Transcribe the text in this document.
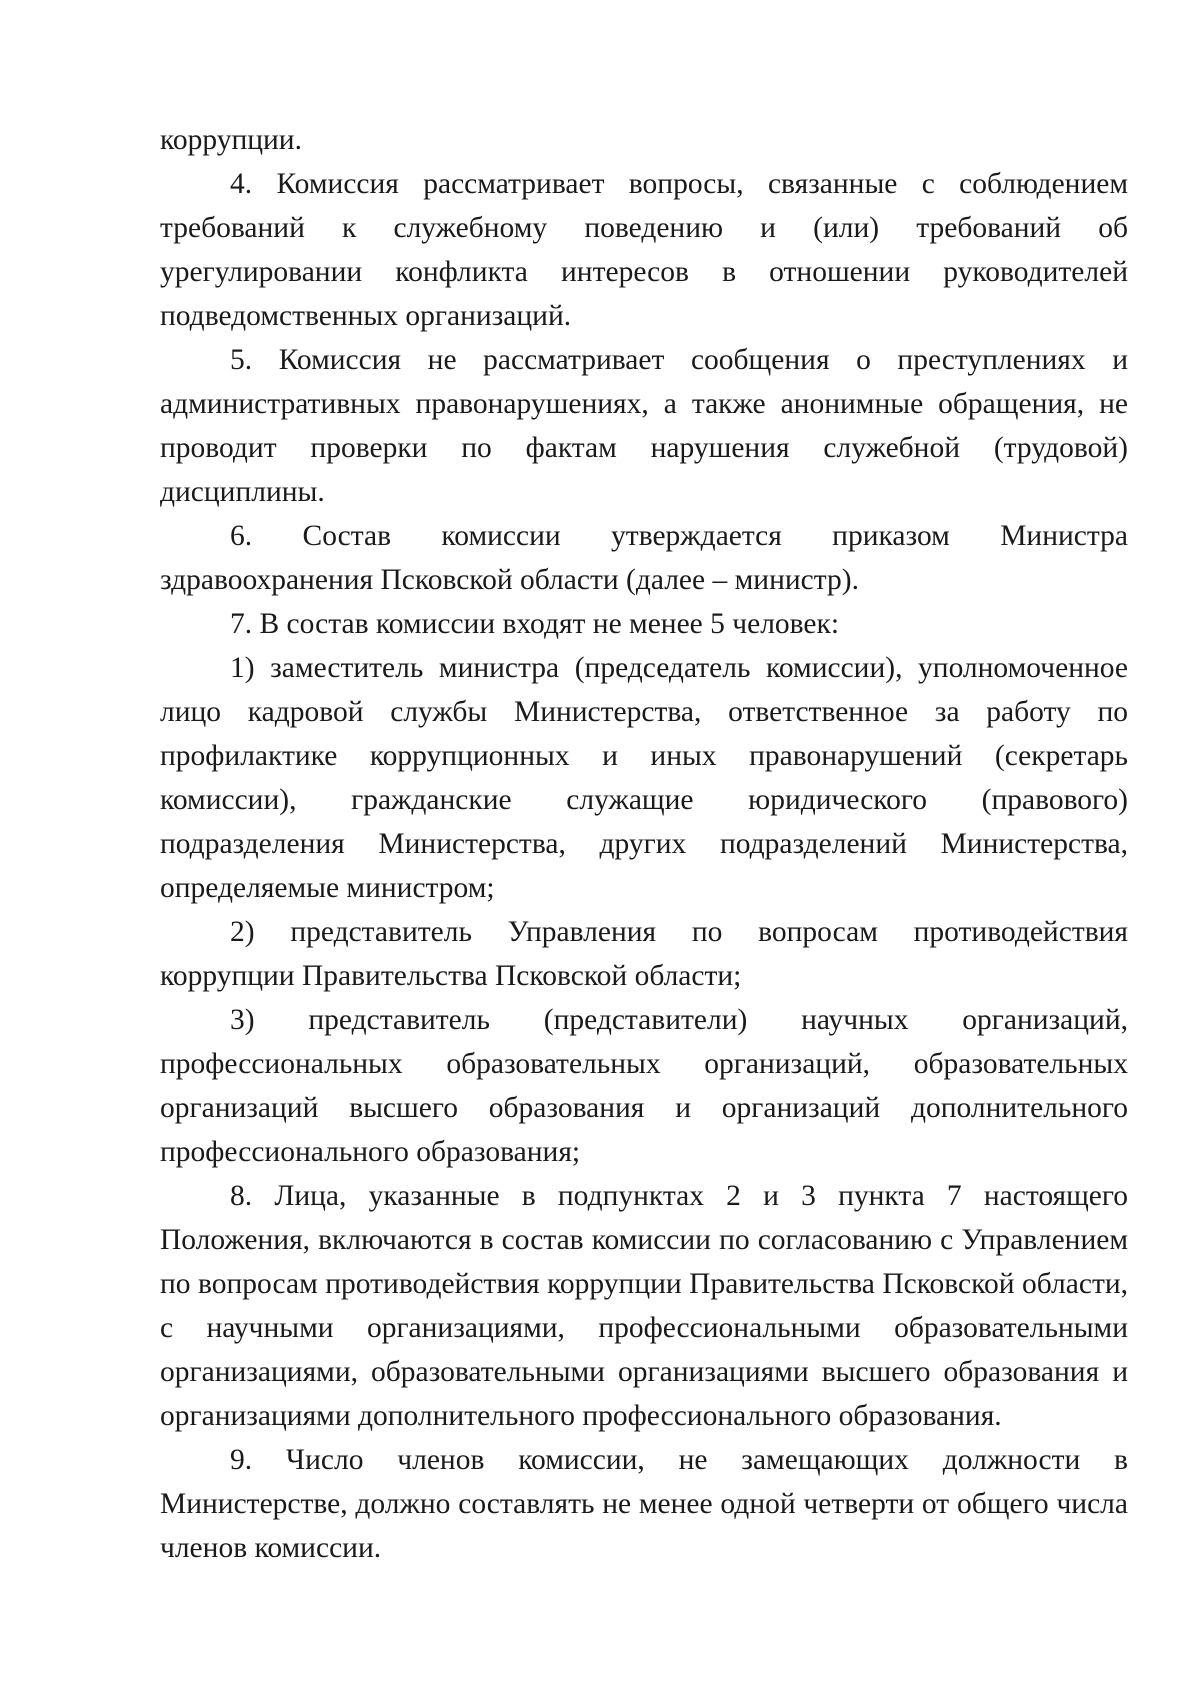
коррупции.

4. Комиссия рассматривает вопросы, связанные с соблюдением требований к служебному поведению и (или) требований об урегулировании конфликта интересов в отношении руководителей подведомственных организаций.

5. Комиссия не рассматривает сообщения о преступлениях и административных правонарушениях, а также анонимные обращения, не проводит проверки по фактам нарушения служебной (трудовой) дисциплины.

6. Состав комиссии утверждается приказом Министра здравоохранения Псковской области (далее – министр).

7. В состав комиссии входят не менее 5 человек:

1) заместитель министра (председатель комиссии), уполномоченное лицо кадровой службы Министерства, ответственное за работу по профилактике коррупционных и иных правонарушений (секретарь комиссии), гражданские служащие юридического (правового) подразделения Министерства, других подразделений Министерства, определяемые министром;

2) представитель Управления по вопросам противодействия коррупции Правительства Псковской области;

3) представитель (представители) научных организаций, профессиональных образовательных организаций, образовательных организаций высшего образования и организаций дополнительного профессионального образования;

8. Лица, указанные в подпунктах 2 и 3 пункта 7 настоящего Положения, включаются в состав комиссии по согласованию с Управлением по вопросам противодействия коррупции Правительства Псковской области, с научными организациями, профессиональными образовательными организациями, образовательными организациями высшего образования и организациями дополнительного профессионального образования.

9. Число членов комиссии, не замещающих должности в Министерстве, должно составлять не менее одной четверти от общего числа членов комиссии.
